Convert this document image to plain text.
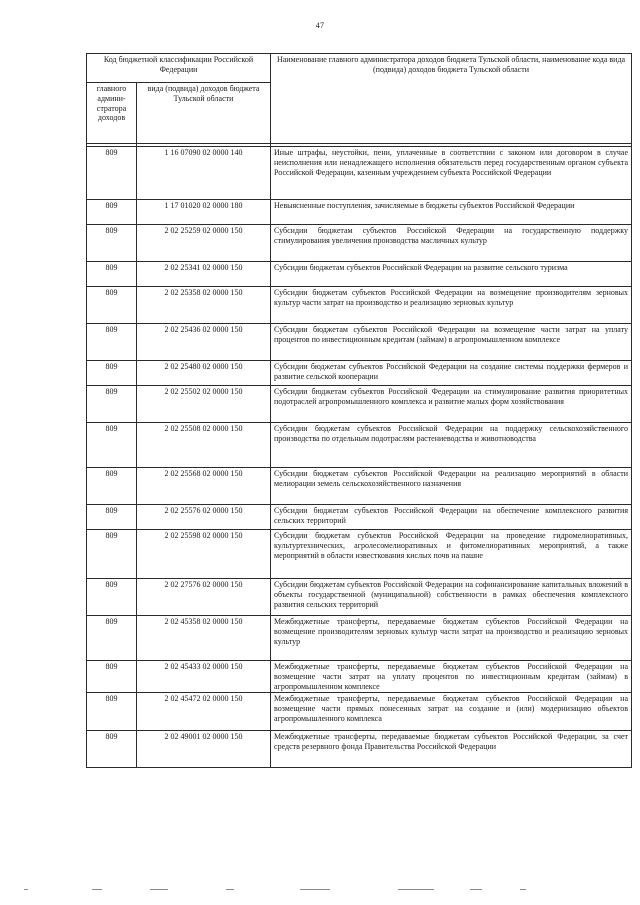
47
Код бюджетной классификации Российской Федерации		Наименование главного администратора доходов бюджета Тульской области, наименование кода вида (подвида) доходов бюджета Тульской области
главного админи-стратора доходов	вида (подвида) доходов бюджета Тульской области	

809	1 16 07090 02 0000 140	Иные штрафы, неустойки, пени, уплаченные в соответствии с законом или договором в случае неисполнения или ненадлежащего исполнения обязательств перед государственным органом субъекта Российской Федерации, казенным учреждением субъекта Российской Федерации
809	1 17 01020 02 0000 180	Невыясненные поступления, зачисляемые в бюджеты субъектов Российской Федерации
809	2 02 25259 02 0000 150	Субсидии бюджетам субъектов Российской Федерации на государственную поддержку стимулирования увеличения производства масличных культур
809	2 02 25341 02 0000 150	Субсидии бюджетам субъектов Российской Федерации на развитие сельского туризма
809	2 02 25358 02 0000 150	Субсидии бюджетам субъектов Российской Федерации на возмещение производителям зерновых культур части затрат на производство и реализацию зерновых культур
809	2 02 25436 02 0000 150	Субсидии бюджетам субъектов Российской Федерации на возмещение части затрат на уплату процентов по инвестиционным кредитам (займам) в агропромышленном комплексе
809	2 02 25480 02 0000 150	Субсидии бюджетам субъектов Российской Федерации на создание системы поддержки фермеров и развитие сельской кооперации
809	2 02 25502 02 0000 150	Субсидии бюджетам субъектов Российской Федерации на стимулирование развития приоритетных подотраслей агропромышленного комплекса и развитие малых форм хозяйствования
809	2 02 25508 02 0000 150	Субсидии бюджетам субъектов Российской Федерации на поддержку сельскохозяйственного производства по отдельным подотраслям растениеводства и животноводства
809	2 02 25568 02 0000 150	Субсидии бюджетам субъектов Российской Федерации на реализацию мероприятий в области мелиорации земель сельскохозяйственного назначения
809	2 02 25576 02 0000 150	Субсидии бюджетам субъектов Российской Федерации на обеспечение комплексного развития сельских территорий
809	2 02 25598 02 0000 150	Субсидии бюджетам субъектов Российской Федерации на проведение гидромелиоративных, культуртехнических, агролесомелиоративных и фитомелиоративных мероприятий, а также мероприятий в области известкования кислых почв на пашне
809	2 02 27576 02 0000 150	Субсидии бюджетам субъектов Российской Федерации на софинансирование капитальных вложений в объекты государственной (муниципальной) собственности в рамках обеспечения комплексного развития сельских территорий
809	2 02 45358 02 0000 150	Межбюджетные трансферты, передаваемые бюджетам субъектов Российской Федерации на возмещение производителям зерновых культур части затрат на производство и реализацию зерновых культур
809	2 02 45433 02 0000 150	Межбюджетные трансферты, передаваемые бюджетам субъектов Российской Федерации на возмещение части затрат на уплату процентов по инвестиционным кредитам (займам) в агропромышленном комплексе
809	2 02 45472 02 0000 150	Межбюджетные трансферты, передаваемые бюджетам субъектов Российской Федерации на возмещение части прямых понесенных затрат на создание и (или) модернизацию объектов агропромышленного комплекса
809	2 02 49001 02 0000 150	Межбюджетные трансферты, передаваемые бюджетам субъектов Российской Федерации, за счет средств резервного фонда Правительства Российской Федерации
